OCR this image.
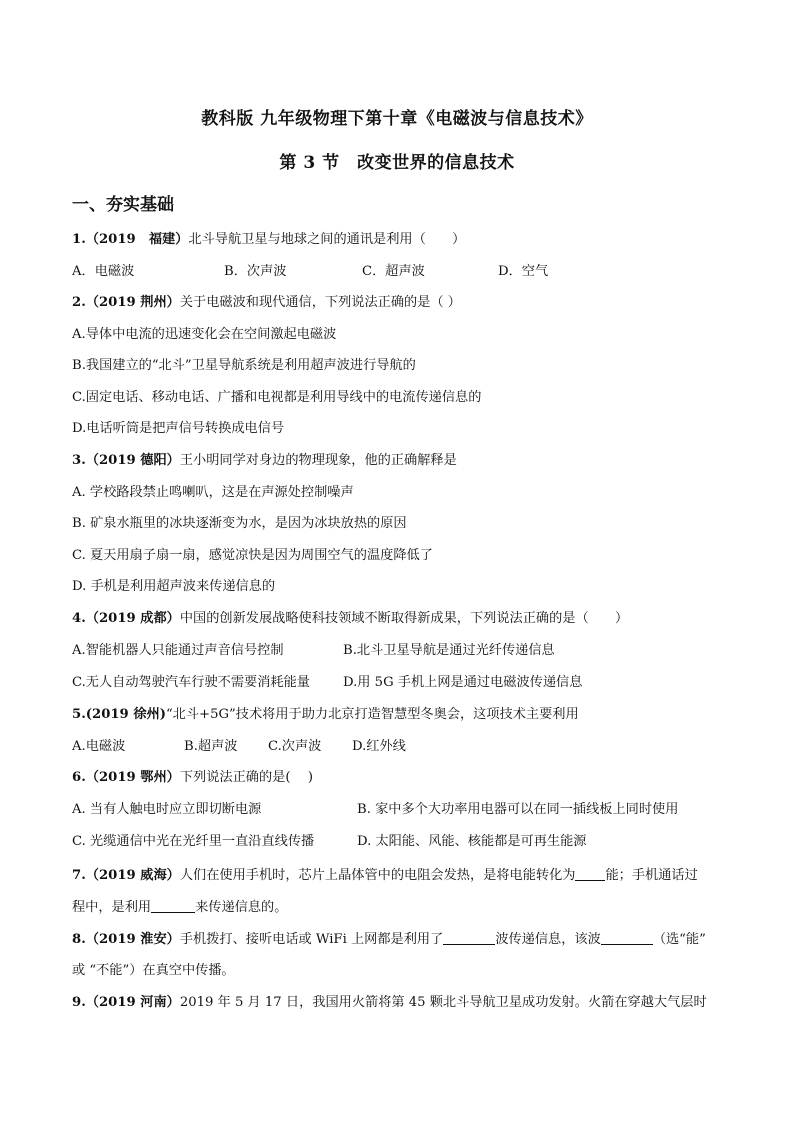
教科版 九年级物理下第十章《电磁波与信息技术》
第 3 节　改变世界的信息技术
一、夯实基础
1.（2019　福建）北斗导航卫星与地球之间的通讯是利用（　　）
A．电磁波	B．次声波	C．超声波	D．空气
2.（2019 荆州）关于电磁波和现代通信，下列说法正确的是（ ）
A.导体中电流的迅速变化会在空间激起电磁波
B.我国建立的“北斗”卫星导航系统是利用超声波进行导航的
C.固定电话、移动电话、广播和电视都是利用导线中的电流传递信息的
D.电话听筒是把声信号转换成电信号
3.（2019 德阳）王小明同学对身边的物理现象，他的正确解释是
A. 学校路段禁止鸣喇叭，这是在声源处控制噪声
B. 矿泉水瓶里的冰块逐渐变为水，是因为冰块放热的原因
C. 夏天用扇子扇一扇，感觉凉快是因为周围空气的温度降低了
D. 手机是利用超声波来传递信息的
4.（2019 成都）中国的创新发展战略使科技领域不断取得新成果，下列说法正确的是（　　）
A.智能机器人只能通过声音信号控制	B.北斗卫星导航是通过光纤传递信息
C.无人自动驾驶汽车行驶不需要消耗能量	D.用 5G 手机上网是通过电磁波传递信息
5.(2019 徐州)“北斗+5G”技术将用于助力北京打造智慧型冬奥会，这项技术主要利用
A.电磁波	B.超声波 C.次声波 D.红外线
6.（2019 鄂州）下列说法正确的是(　 )
A. 当有人触电时应立即切断电源	B. 家中多个大功率用电器可以在同一插线板上同时使用
C. 光缆通信中光在光纤里一直沿直线传播	D. 太阳能、风能、核能都是可再生能源
7.（2019 威海）人们在使用手机时，芯片上晶体管中的电阻会发热，是将电能转化为 能；手机通话过
程中，是利用	来传递信息的。
8.（2019 淮安）手机拨打、接听电话或 WiFi 上网都是利用了	波传递信息，该波	（选“能”
或 “不能”）在真空中传播。
9.（2019 河南）2019 年 5 月 17 日，我国用火箭将第 45 颗北斗导航卫星成功发射。火箭在穿越大气层时
